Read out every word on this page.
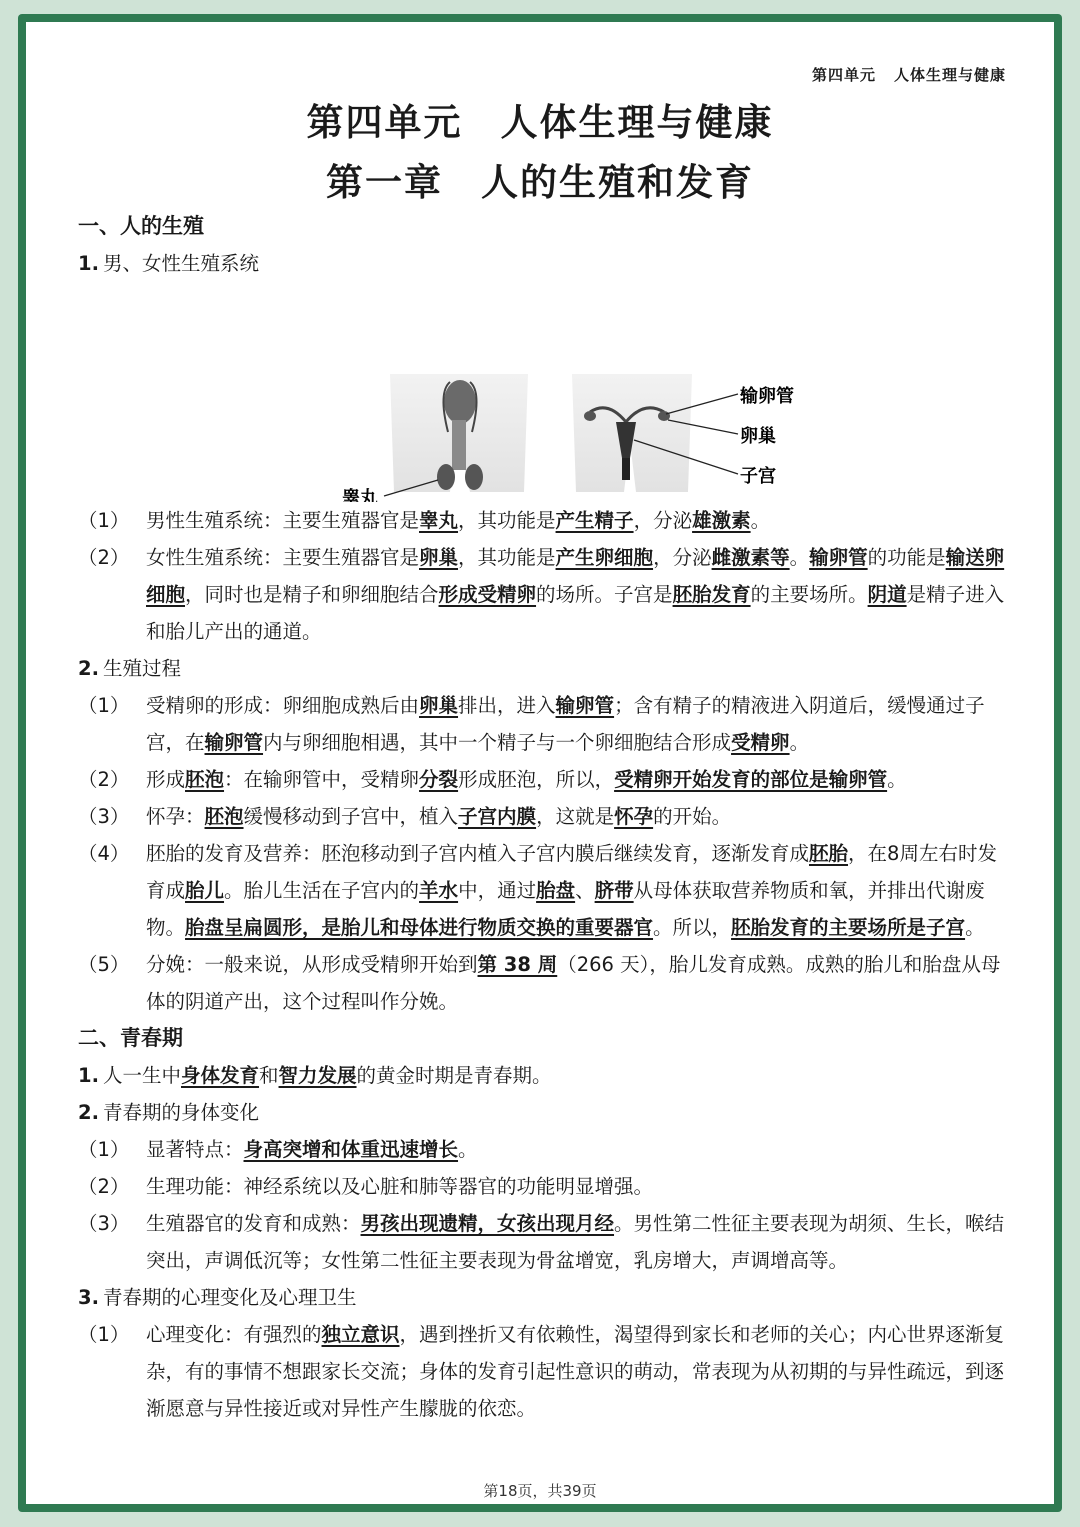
第四单元 人体生理与健康
第四单元 人体生理与健康
第一章 人的生殖和发育
一、人的生殖
1. 男、女性生殖系统
睾丸
输卵管
卵巢
子宫
（1） 男性生殖系统：主要生殖器官是睾丸，其功能是产生精子，分泌雄激素。
（2） 女性生殖系统：主要生殖器官是卵巢，其功能是产生卵细胞，分泌雌激素等。输卵管的功能是输送卵细胞，同时也是精子和卵细胞结合形成受精卵的场所。子宫是胚胎发育的主要场所。阴道是精子进入和胎儿产出的通道。
2. 生殖过程
（1） 受精卵的形成：卵细胞成熟后由卵巢排出，进入输卵管；含有精子的精液进入阴道后，缓慢通过子宫，在输卵管内与卵细胞相遇，其中一个精子与一个卵细胞结合形成受精卵。
（2） 形成胚泡：在输卵管中，受精卵分裂形成胚泡，所以，受精卵开始发育的部位是输卵管。
（3） 怀孕：胚泡缓慢移动到子宫中，植入子宫内膜，这就是怀孕的开始。
（4） 胚胎的发育及营养：胚泡移动到子宫内植入子宫内膜后继续发育，逐渐发育成胚胎，在8周左右时发育成胎儿。胎儿生活在子宫内的羊水中，通过胎盘、脐带从母体获取营养物质和氧，并排出代谢废物。胎盘呈扁圆形，是胎儿和母体进行物质交换的重要器官。所以，胚胎发育的主要场所是子宫。
（5） 分娩：一般来说，从形成受精卵开始到第 38 周（266 天），胎儿发育成熟。成熟的胎儿和胎盘从母体的阴道产出，这个过程叫作分娩。
二、青春期
1. 人一生中身体发育和智力发展的黄金时期是青春期。
2. 青春期的身体变化
（1） 显著特点：身高突增和体重迅速增长。
（2） 生理功能：神经系统以及心脏和肺等器官的功能明显增强。
（3） 生殖器官的发育和成熟：男孩出现遗精，女孩出现月经。男性第二性征主要表现为胡须、生长，喉结突出，声调低沉等；女性第二性征主要表现为骨盆增宽，乳房增大，声调增高等。
3. 青春期的心理变化及心理卫生
（1） 心理变化：有强烈的独立意识，遇到挫折又有依赖性，渴望得到家长和老师的关心；内心世界逐渐复杂，有的事情不想跟家长交流；身体的发育引起性意识的萌动，常表现为从初期的与异性疏远，到逐渐愿意与异性接近或对异性产生朦胧的依恋。
第18页，共39页
